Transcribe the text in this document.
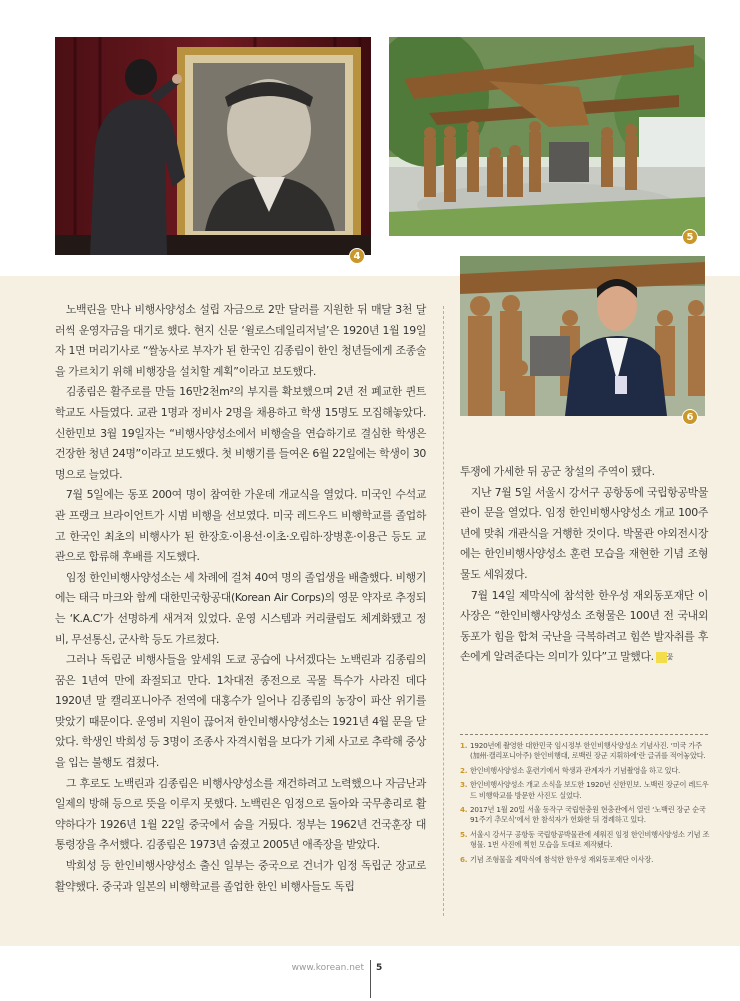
4
5
6

노백린을 만나 비행사양성소 설립 자금으로 2만 달러를 지원한 뒤 매달 3천 달러씩 운영자금을 대기로 했다. 현지 신문 ‘윌로스데일리저널’은 1920년 1월 19일자 1면 머리기사로 “쌀농사로 부자가 된 한국인 김종림이 한인 청년들에게 조종술을 가르치기 위해 비행장을 설치할 계획”이라고 보도했다.

김종림은 활주로를 만들 16만2천m²의 부지를 확보했으며 2년 전 폐교한 퀸트학교도 사들였다. 교관 1명과 정비사 2명을 채용하고 학생 15명도 모집해놓았다. 신한민보 3월 19일자는 “비행사양성소에서 비행술을 연습하기로 결심한 학생은 건장한 청년 24명”이라고 보도했다. 첫 비행기를 들여온 6월 22일에는 학생이 30명으로 늘었다.

7월 5일에는 동포 200여 명이 참여한 가운데 개교식을 열었다. 미국인 수석교관 프랭크 브라이언트가 시범 비행을 선보였다. 미국 레드우드 비행학교를 졸업하고 한국인 최초의 비행사가 된 한장호·이용선·이초·오림하·장병훈·이용근 등도 교관으로 합류해 후배를 지도했다.

임정 한인비행사양성소는 세 차례에 걸쳐 40여 명의 졸업생을 배출했다. 비행기에는 태극 마크와 함께 대한민국항공대(Korean Air Corps)의 영문 약자로 추정되는 ‘K.A.C’가 선명하게 새겨져 있었다. 운영 시스템과 커리큘럼도 체계화됐고 정비, 무선통신, 군사학 등도 가르쳤다.

그러나 독립군 비행사들을 앞세워 도쿄 공습에 나서겠다는 노백린과 김종림의 꿈은 1년여 만에 좌절되고 만다. 1차대전 종전으로 곡물 특수가 사라진 데다 1920년 말 캘리포니아주 전역에 대홍수가 일어나 김종림의 농장이 파산 위기를 맞았기 때문이다. 운영비 지원이 끊어져 한인비행사양성소는 1921년 4월 문을 닫았다. 학생인 박희성 등 3명이 조종사 자격시험을 보다가 기체 사고로 추락해 중상을 입는 불행도 겹쳤다.

그 후로도 노백린과 김종림은 비행사양성소를 재건하려고 노력했으나 자금난과 일제의 방해 등으로 뜻을 이루지 못했다. 노백린은 임정으로 돌아와 국무총리로 활약하다가 1926년 1월 22일 중국에서 숨을 거뒀다. 정부는 1962년 건국훈장 대통령장을 추서했다. 김종림은 1973년 숨졌고 2005년 애족장을 받았다.

박희성 등 한인비행사양성소 출신 일부는 중국으로 건너가 임정 독립군 장교로 활약했다. 중국과 일본의 비행학교를 졸업한 한인 비행사들도 독립

투쟁에 가세한 뒤 공군 창설의 주역이 됐다.

지난 7월 5일 서울시 강서구 공항동에 국립항공박물관이 문을 열었다. 임정 한인비행사양성소 개교 100주년에 맞춰 개관식을 거행한 것이다. 박물관 야외전시장에는 한인비행사양성소 훈련 모습을 재현한 기념 조형물도 세워졌다.

7월 14일 제막식에 참석한 한우성 재외동포재단 이사장은 “한인비행사양성소 조형물은 100년 전 국내외 동포가 힘을 합쳐 국난을 극복하려고 힘쓴 발자취를 후손에게 알려준다는 의미가 있다”고 말했다. 꽃

1. 1920년에 촬영한 대한민국 임시정부 한인비행사양성소 기념사진. ‘미국 가주(加州·캘리포니아주) 한인비행대, 로백린 장군 지휘하에’란 글귀를 적어놓았다.
2. 한인비행사양성소 훈련기에서 학생과 관계자가 기념촬영을 하고 있다.
3. 한인비행사양성소 개교 소식을 보도한 1920년 신한민보. 노백린 장군이 레드우드 비행학교를 방문한 사진도 실었다.
4. 2017년 1월 20일 서울 동작구 국립현충원 현충관에서 열린 ‘노백린 장군 순국 91주기 추모식’에서 한 참석자가 헌화한 뒤 경례하고 있다.
5. 서울시 강서구 공항동 국립항공박물관에 세워진 임정 한인비행사양성소 기념 조형물. 1번 사진에 찍힌 모습을 토대로 제작됐다.
6. 기념 조형물을 제막식에 참석한 한우성 재외동포재단 이사장.
www.korean.net 5
